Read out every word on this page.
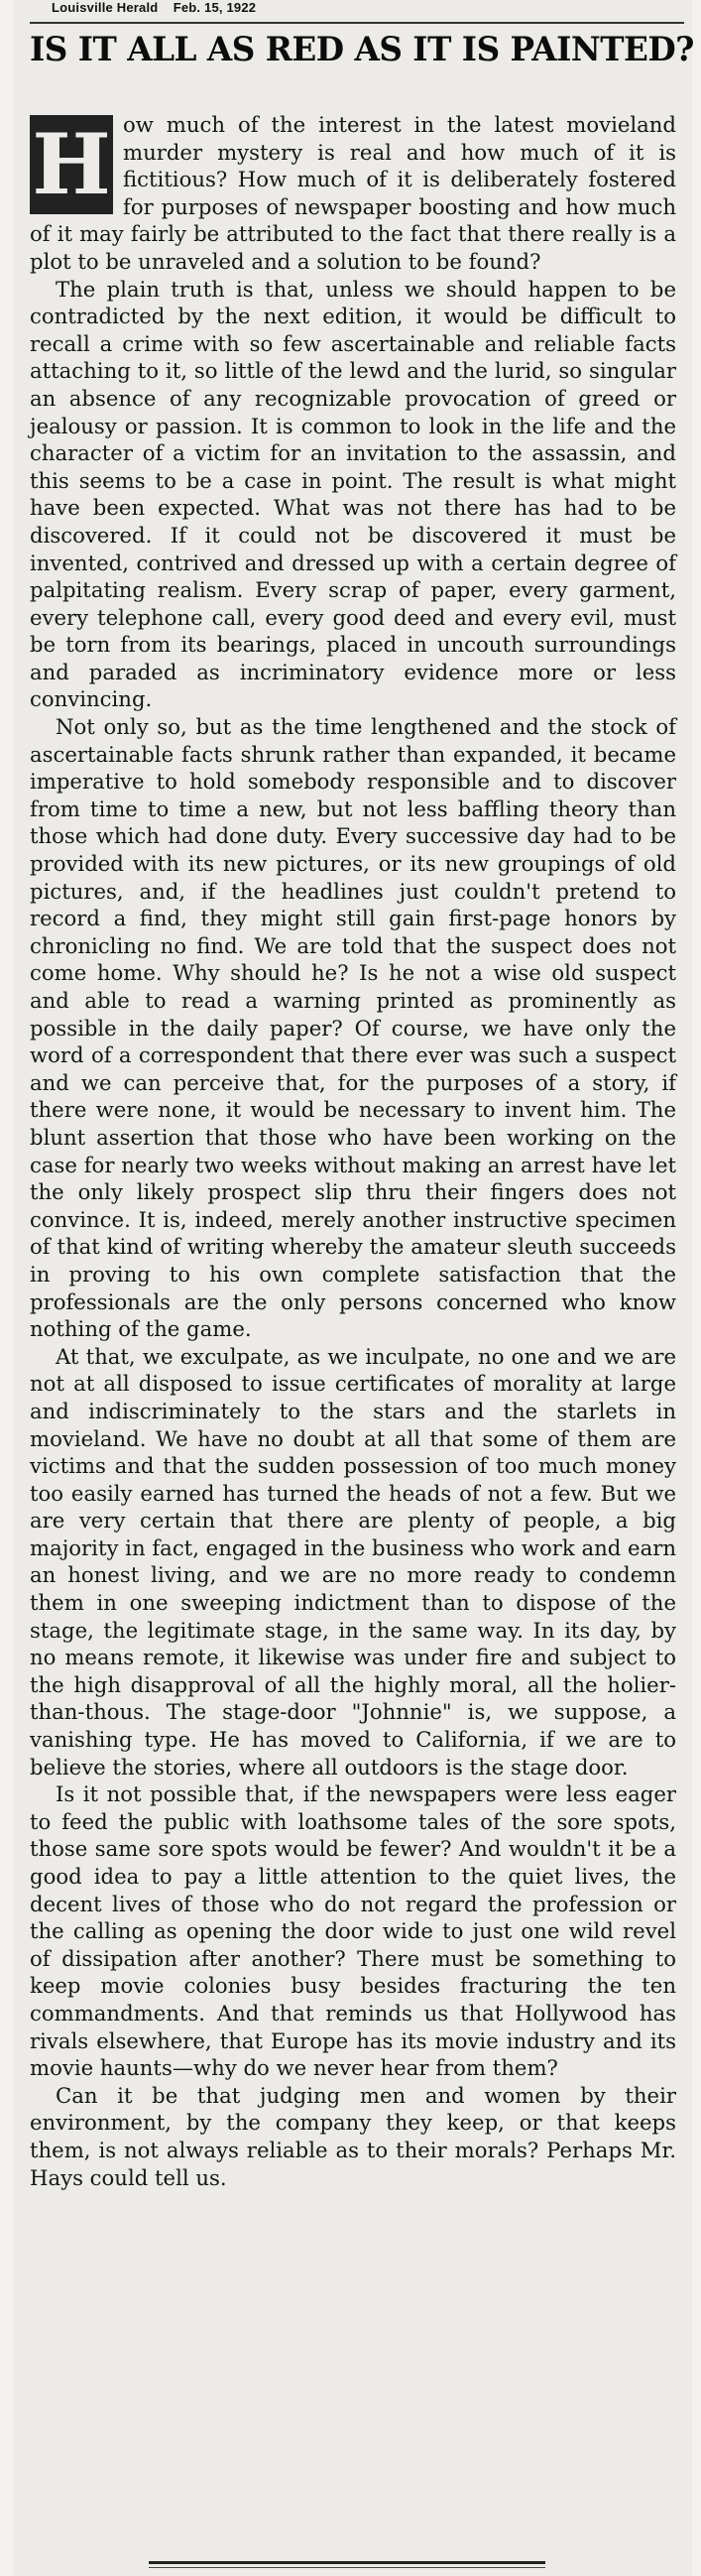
Louisville Herald Feb. 15, 1922
IS IT ALL AS RED AS IT IS PAINTED?

H ow much of the interest in the latest movieland murder mystery is real and how much of it is fictitious? How much of it is deliberately fostered for purposes of newspaper boosting and how much of it may fairly be attributed to the fact that there really is a plot to be unraveled and a solution to be found?

The plain truth is that, unless we should happen to be contradicted by the next edition, it would be difficult to recall a crime with so few ascertainable and reliable facts attaching to it, so little of the lewd and the lurid, so singular an absence of any recognizable provocation of greed or jealousy or passion. It is common to look in the life and the character of a victim for an invitation to the assassin, and this seems to be a case in point. The result is what might have been expected. What was not there has had to be discovered. If it could not be discovered it must be invented, contrived and dressed up with a certain degree of palpitating realism. Every scrap of paper, every garment, every telephone call, every good deed and every evil, must be torn from its bearings, placed in uncouth surroundings and paraded as incriminatory evidence more or less convincing.

Not only so, but as the time lengthened and the stock of ascertainable facts shrunk rather than expanded, it became imperative to hold somebody responsible and to discover from time to time a new, but not less baffling theory than those which had done duty. Every successive day had to be provided with its new pictures, or its new groupings of old pictures, and, if the headlines just couldn't pretend to record a find, they might still gain first-page honors by chronicling no find. We are told that the suspect does not come home. Why should he? Is he not a wise old suspect and able to read a warning printed as prominently as possible in the daily paper? Of course, we have only the word of a correspondent that there ever was such a suspect and we can perceive that, for the purposes of a story, if there were none, it would be necessary to invent him. The blunt assertion that those who have been working on the case for nearly two weeks without making an arrest have let the only likely prospect slip thru their fingers does not convince. It is, indeed, merely another instructive specimen of that kind of writing whereby the amateur sleuth succeeds in proving to his own complete satisfaction that the professionals are the only persons concerned who know nothing of the game.

At that, we exculpate, as we inculpate, no one and we are not at all disposed to issue certificates of morality at large and indiscriminately to the stars and the starlets in movieland. We have no doubt at all that some of them are victims and that the sudden possession of too much money too easily earned has turned the heads of not a few. But we are very certain that there are plenty of people, a big majority in fact, engaged in the business who work and earn an honest living, and we are no more ready to condemn them in one sweeping indictment than to dispose of the stage, the legitimate stage, in the same way. In its day, by no means remote, it likewise was under fire and subject to the high disapproval of all the highly moral, all the holier-than-thous. The stage-door "Johnnie" is, we suppose, a vanishing type. He has moved to California, if we are to believe the stories, where all outdoors is the stage door.

Is it not possible that, if the newspapers were less eager to feed the public with loathsome tales of the sore spots, those same sore spots would be fewer? And wouldn't it be a good idea to pay a little attention to the quiet lives, the decent lives of those who do not regard the profession or the calling as opening the door wide to just one wild revel of dissipation after another? There must be something to keep movie colonies busy besides fracturing the ten commandments. And that reminds us that Hollywood has rivals elsewhere, that Europe has its movie industry and its movie haunts—why do we never hear from them?

Can it be that judging men and women by their environment, by the company they keep, or that keeps them, is not always reliable as to their morals? Perhaps Mr. Hays could tell us.
